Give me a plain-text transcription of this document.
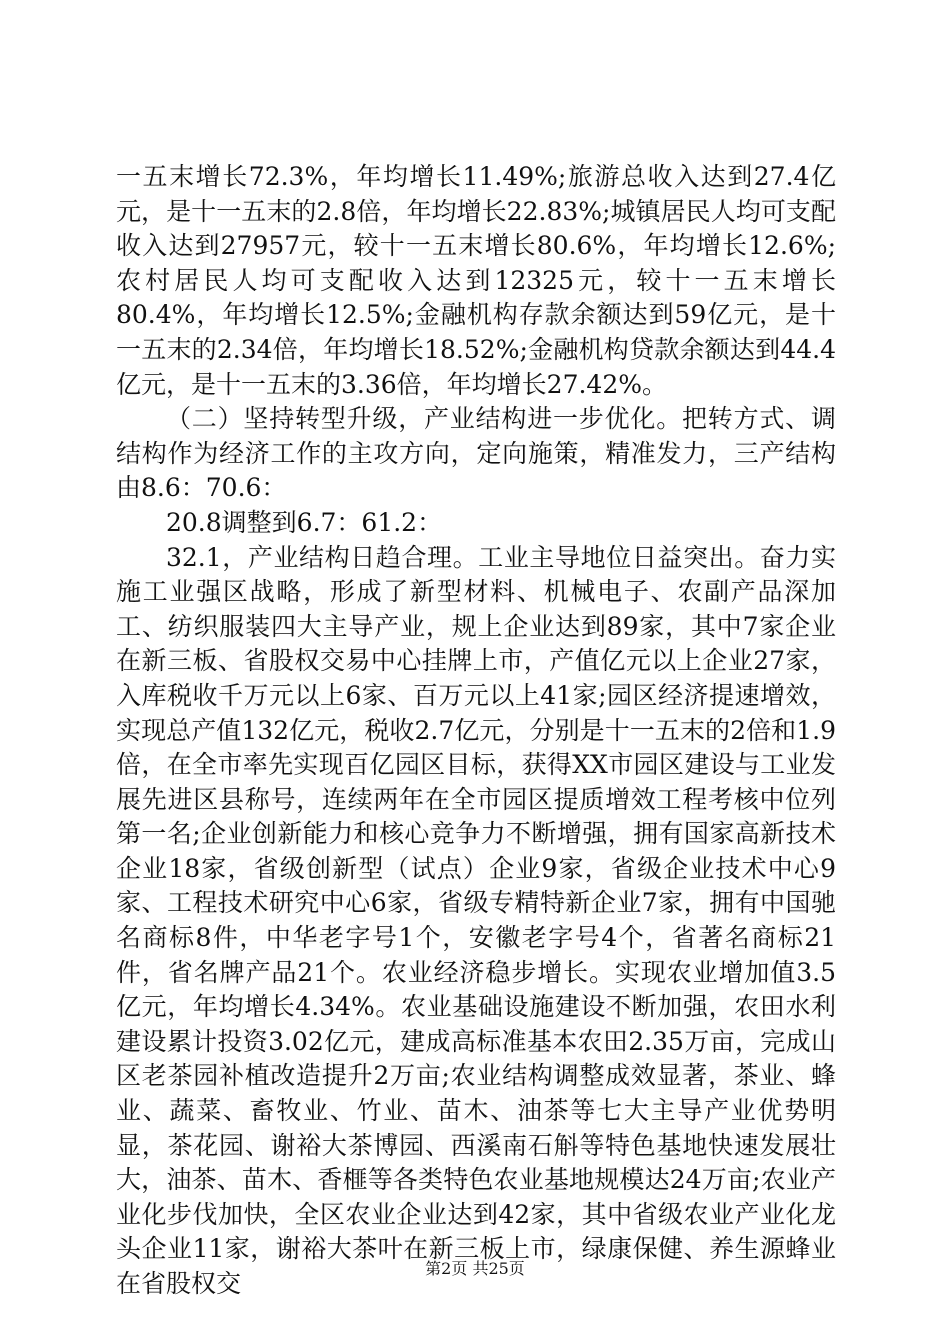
一五末增长72.3%，年均增长11.49%;旅游总收入达到27.4亿元，是十一五末的2.8倍，年均增长22.83%;城镇居民人均可支配收入达到27957元，较十一五末增长80.6%，年均增长12.6%;农村居民人均可支配收入达到12325元，较十一五末增长80.4%，年均增长12.5%;金融机构存款余额达到59亿元，是十一五末的2.34倍，年均增长18.52%;金融机构贷款余额达到44.4亿元，是十一五末的3.36倍，年均增长27.42%。

（二）坚持转型升级，产业结构进一步优化。把转方式、调结构作为经济工作的主攻方向，定向施策，精准发力，三产结构由8.6：70.6：

20.8调整到6.7：61.2：

32.1，产业结构日趋合理。工业主导地位日益突出。奋力实施工业强区战略，形成了新型材料、机械电子、农副产品深加工、纺织服装四大主导产业，规上企业达到89家，其中7家企业在新三板、省股权交易中心挂牌上市，产值亿元以上企业27家，入库税收千万元以上6家、百万元以上41家;园区经济提速增效，实现总产值132亿元，税收2.7亿元，分别是十一五末的2倍和1.9倍，在全市率先实现百亿园区目标，获得XX市园区建设与工业发展先进区县称号，连续两年在全市园区提质增效工程考核中位列第一名;企业创新能力和核心竞争力不断增强，拥有国家高新技术企业18家，省级创新型（试点）企业9家，省级企业技术中心9家、工程技术研究中心6家，省级专精特新企业7家，拥有中国驰名商标8件，中华老字号1个，安徽老字号4个，省著名商标21件，省名牌产品21个。农业经济稳步增长。实现农业增加值3.5亿元，年均增长4.34%。农业基础设施建设不断加强，农田水利建设累计投资3.02亿元，建成高标准基本农田2.35万亩，完成山区老茶园补植改造提升2万亩;农业结构调整成效显著，茶业、蜂业、蔬菜、畜牧业、竹业、苗木、油茶等七大主导产业优势明显，茶花园、谢裕大茶博园、西溪南石斛等特色基地快速发展壮大，油茶、苗木、香榧等各类特色农业基地规模达24万亩;农业产业化步伐加快，全区农业企业达到42家，其中省级农业产业化龙头企业11家，谢裕大茶叶在新三板上市，绿康保健、养生源蜂业在省股权交

第2页 共25页
